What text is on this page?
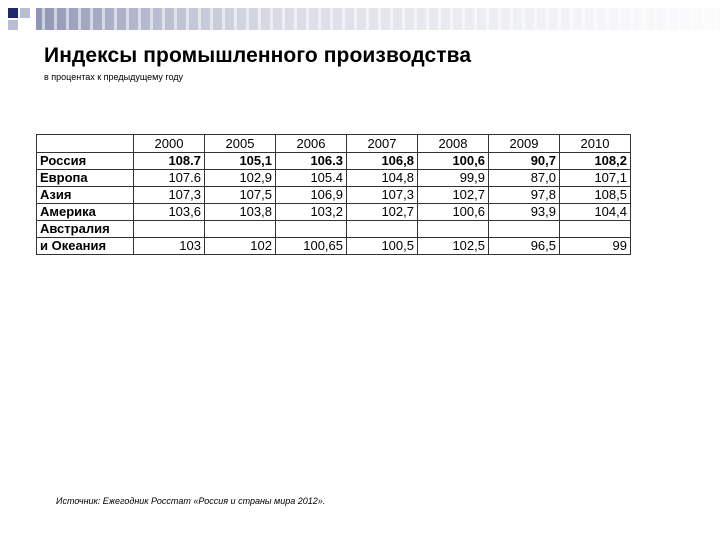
Индексы промышленного производства
в процентах к предыдущему году
	2000	2005	2006	2007	2008	2009	2010
Россия	108.7	105,1	106.3	106,8	100,6	90,7	108,2
Европа	107.6	102,9	105.4	104,8	99,9	87,0	107,1
Азия	107,3	107,5	106,9	107,3	102,7	97,8	108,5
Америка	103,6	103,8	103,2	102,7	100,6	93,9	104,4
Австралия							
и Океания	103	102	100,65	100,5	102,5	96,5	99
Источник: Ежегодник Росстат «Россия и страны мира 2012».
